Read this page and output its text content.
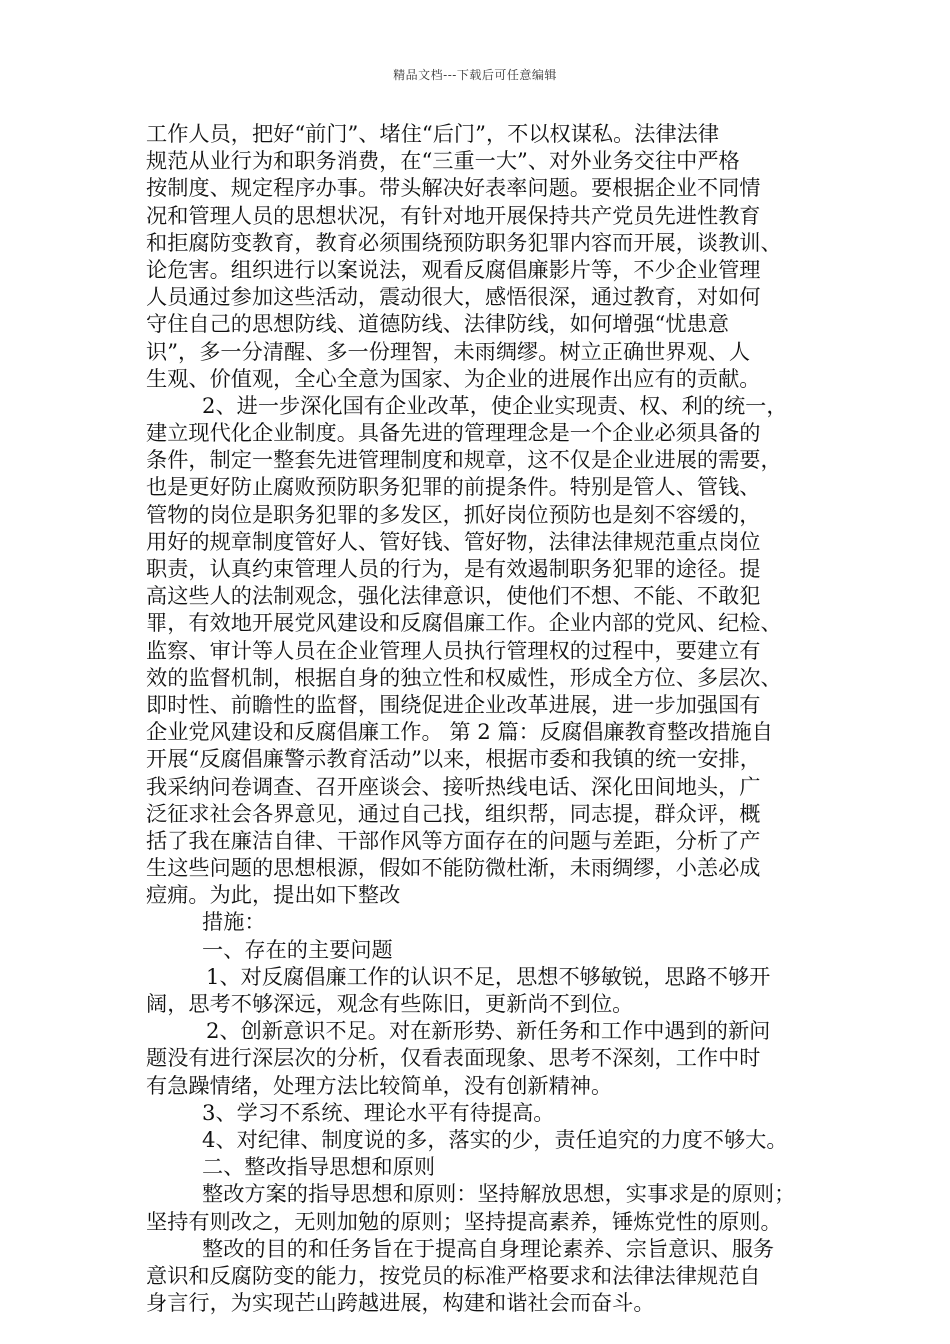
精品文档---下载后可任意编辑
工作人员，把好“前门”、堵住“后门”，不以权谋私。法律法律
规范从业行为和职务消费，在“三重一大”、对外业务交往中严格
按制度、规定程序办事。带头解决好表率问题。要根据企业不同情
况和管理人员的思想状况，有针对地开展保持共产党员先进性教育
和拒腐防变教育，教育必须围绕预防职务犯罪内容而开展，谈教训、
论危害。组织进行以案说法，观看反腐倡廉影片等，不少企业管理
人员通过参加这些活动，震动很大，感悟很深，通过教育，对如何
守住自己的思想防线、道德防线、法律防线，如何增强“忧患意
识”，多一分清醒、多一份理智，未雨绸缪。树立正确世界观、人
生观、价值观，全心全意为国家、为企业的进展作出应有的贡献。
2、进一步深化国有企业改革，使企业实现责、权、利的统一，
建立现代化企业制度。具备先进的管理理念是一个企业必须具备的
条件，制定一整套先进管理制度和规章，这不仅是企业进展的需要，
也是更好防止腐败预防职务犯罪的前提条件。特别是管人、管钱、
管物的岗位是职务犯罪的多发区，抓好岗位预防也是刻不容缓的，
用好的规章制度管好人、管好钱、管好物，法律法律规范重点岗位
职责，认真约束管理人员的行为，是有效遏制职务犯罪的途径。提
高这些人的法制观念，强化法律意识，使他们不想、不能、不敢犯
罪，有效地开展党风建设和反腐倡廉工作。企业内部的党风、纪检、
监察、审计等人员在企业管理人员执行管理权的过程中，要建立有
效的监督机制，根据自身的独立性和权威性，形成全方位、多层次、
即时性、前瞻性的监督，围绕促进企业改革进展，进一步加强国有
企业党风建设和反腐倡廉工作。 第 2 篇：反腐倡廉教育整改措施自
开展“反腐倡廉警示教育活动”以来，根据市委和我镇的统一安排，
我采纳问卷调查、召开座谈会、接听热线电话、深化田间地头，广
泛征求社会各界意见，通过自己找，组织帮，同志提，群众评，概
括了我在廉洁自律、干部作风等方面存在的问题与差距，分析了产
生这些问题的思想根源，假如不能防微杜渐，未雨绸缪，小恙必成
痘痈。为此，提出如下整改
措施：
一、存在的主要问题
1、对反腐倡廉工作的认识不足，思想不够敏锐，思路不够开
阔，思考不够深远，观念有些陈旧，更新尚不到位。
2、创新意识不足。对在新形势、新任务和工作中遇到的新问
题没有进行深层次的分析，仅看表面现象、思考不深刻，工作中时
有急躁情绪，处理方法比较简单，没有创新精神。
3、学习不系统、理论水平有待提高。
4、对纪律、制度说的多，落实的少，责任追究的力度不够大。
二、整改指导思想和原则
整改方案的指导思想和原则：坚持解放思想，实事求是的原则；
坚持有则改之，无则加勉的原则；坚持提高素养，锤炼党性的原则。
整改的目的和任务旨在于提高自身理论素养、宗旨意识、服务
意识和反腐防变的能力，按党员的标准严格要求和法律法律规范自
身言行，为实现芒山跨越进展，构建和谐社会而奋斗。
